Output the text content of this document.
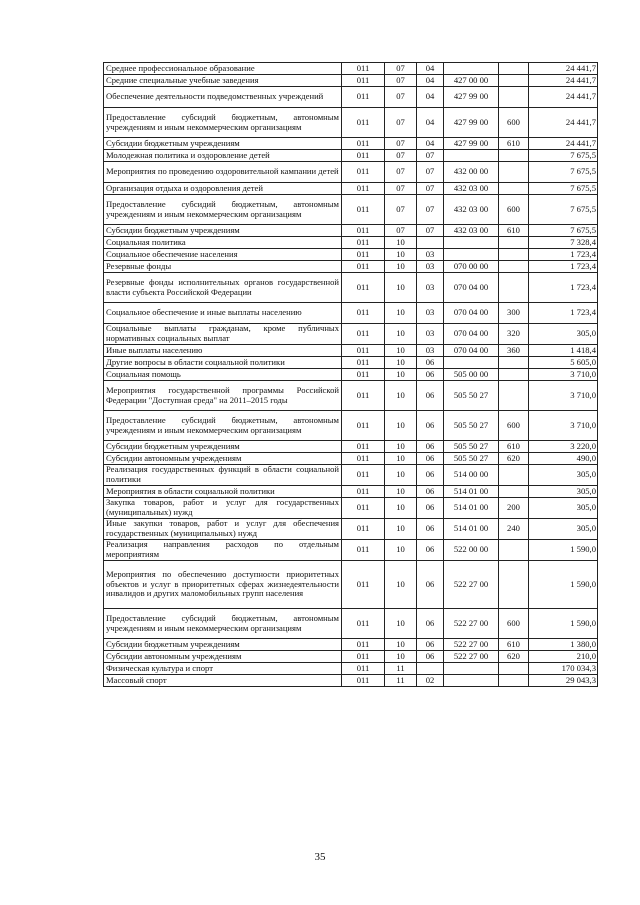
Среднее профессиональное образование	011	07	04			24 441,7
Средние специальные учебные заведения	011	07	04	427 00 00		24 441,7
Обеспечение деятельности подведомственных учреждений	011	07	04	427 99 00		24 441,7
Предоставление субсидий бюджетным, автономным учреждениям и иным некоммерческим организациям	011	07	04	427 99 00	600	24 441,7
Субсидии бюджетным учреждениям	011	07	04	427 99 00	610	24 441,7
Молодежная политика и оздоровление детей	011	07	07			7 675,5
Мероприятия по проведению оздоровительной кампании детей	011	07	07	432 00 00		7 675,5
Организация отдыха и оздоровления детей	011	07	07	432 03 00		7 675,5
Предоставление субсидий бюджетным, автономным учреждениям и иным некоммерческим организациям	011	07	07	432 03 00	600	7 675,5
Субсидии бюджетным учреждениям	011	07	07	432 03 00	610	7 675,5
Социальная политика	011	10				7 328,4
Социальное обеспечение населения	011	10	03			1 723,4
Резервные фонды	011	10	03	070 00 00		1 723,4
Резервные фонды исполнительных органов государственной власти субъекта Российской Федерации	011	10	03	070 04 00		1 723,4
Социальное обеспечение и иные выплаты населению	011	10	03	070 04 00	300	1 723,4
Социальные выплаты гражданам, кроме публичных нормативных социальных выплат	011	10	03	070 04 00	320	305,0
Иные выплаты населению	011	10	03	070 04 00	360	1 418,4
Другие вопросы в области социальной политики	011	10	06			5 605,0
Социальная помощь	011	10	06	505 00 00		3 710,0
Мероприятия государственной программы Российской Федерации "Доступная среда" на 2011–2015 годы	011	10	06	505 50 27		3 710,0
Предоставление субсидий бюджетным, автономным учреждениям и иным некоммерческим организациям	011	10	06	505 50 27	600	3 710,0
Субсидии бюджетным учреждениям	011	10	06	505 50 27	610	3 220,0
Субсидии автономным учреждениям	011	10	06	505 50 27	620	490,0
Реализация государственных функций в области социальной политики	011	10	06	514 00 00		305,0
Мероприятия в области социальной политики	011	10	06	514 01 00		305,0
Закупка товаров, работ и услуг для государственных (муниципальных) нужд	011	10	06	514 01 00	200	305,0
Иные закупки товаров, работ и услуг для обеспечения государственных (муниципальных) нужд	011	10	06	514 01 00	240	305,0
Реализация направления расходов по отдельным мероприятиям	011	10	06	522 00 00		1 590,0
Мероприятия по обеспечению доступности приоритетных объектов и услуг в приоритетных сферах жизнедеятельности инвалидов и других маломобильных групп населения	011	10	06	522 27 00		1 590,0
Предоставление субсидий бюджетным, автономным учреждениям и иным некоммерческим организациям	011	10	06	522 27 00	600	1 590,0
Субсидии бюджетным учреждениям	011	10	06	522 27 00	610	1 380,0
Субсидии автономным учреждениям	011	10	06	522 27 00	620	210,0
Физическая культура и спорт	011	11				170 034,3
Массовый спорт	011	11	02			29 043,3
35
